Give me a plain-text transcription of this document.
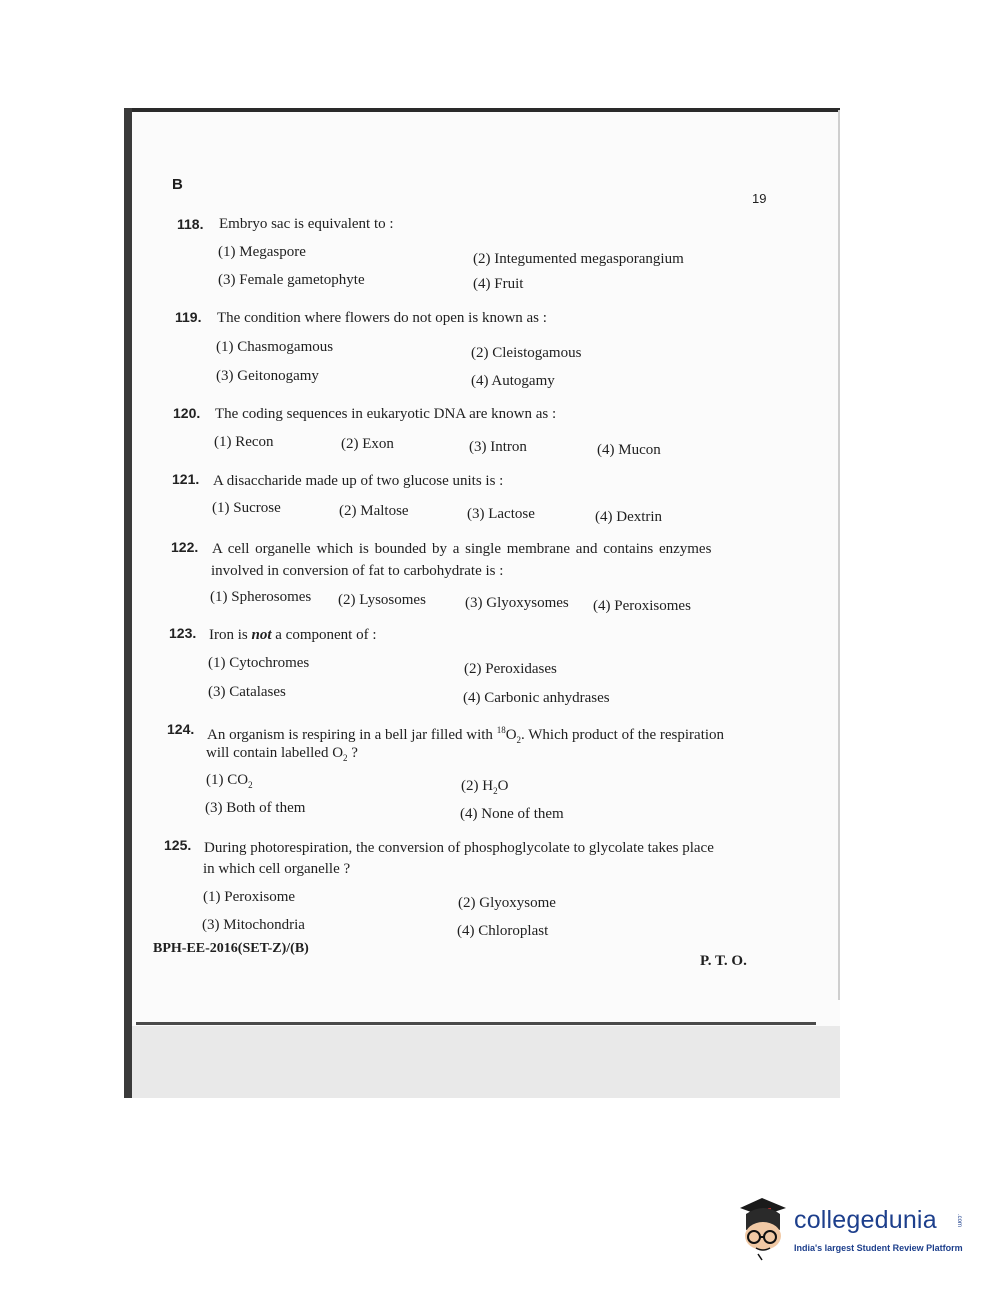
B
19
118. Embryo sac is equivalent to :
(1) Megaspore	(2) Integumented megasporangium
(3) Female gametophyte	(4) Fruit
119. The condition where flowers do not open is known as :
(1) Chasmogamous	(2) Cleistogamous
(3) Geitonogamy	(4) Autogamy
120. The coding sequences in eukaryotic DNA are known as :
(1) Recon	(2) Exon	(3) Intron	(4) Mucon
121. A disaccharide made up of two glucose units is :
(1) Sucrose	(2) Maltose	(3) Lactose	(4) Dextrin
122. A cell organelle which is bounded by a single membrane and contains enzymes
involved in conversion of fat to carbohydrate is :
(1) Spherosomes (2) Lysosomes	(3) Glyoxysomes (4) Peroxisomes
123. Iron is not a component of :
(1) Cytochromes	(2) Peroxidases
(3) Catalases	(4) Carbonic anhydrases
124. An organism is respiring in a bell jar filled with $^{18}O_2$. Which product of the respiration
will contain labelled $O_2$ ?
(1) $CO_2$	(2) $H_2O$
(3) Both of them	(4) None of them
125. During photorespiration, the conversion of phosphoglycolate to glycolate takes place
in which cell organelle ?
(1) Peroxisome	(2) Glyoxysome
(3) Mitochondria	(4) Chloroplast
BPH-EE-2016(SET-Z)/(B)
P. T. O.
collegedunia	.com
India's largest Student Review Platform
